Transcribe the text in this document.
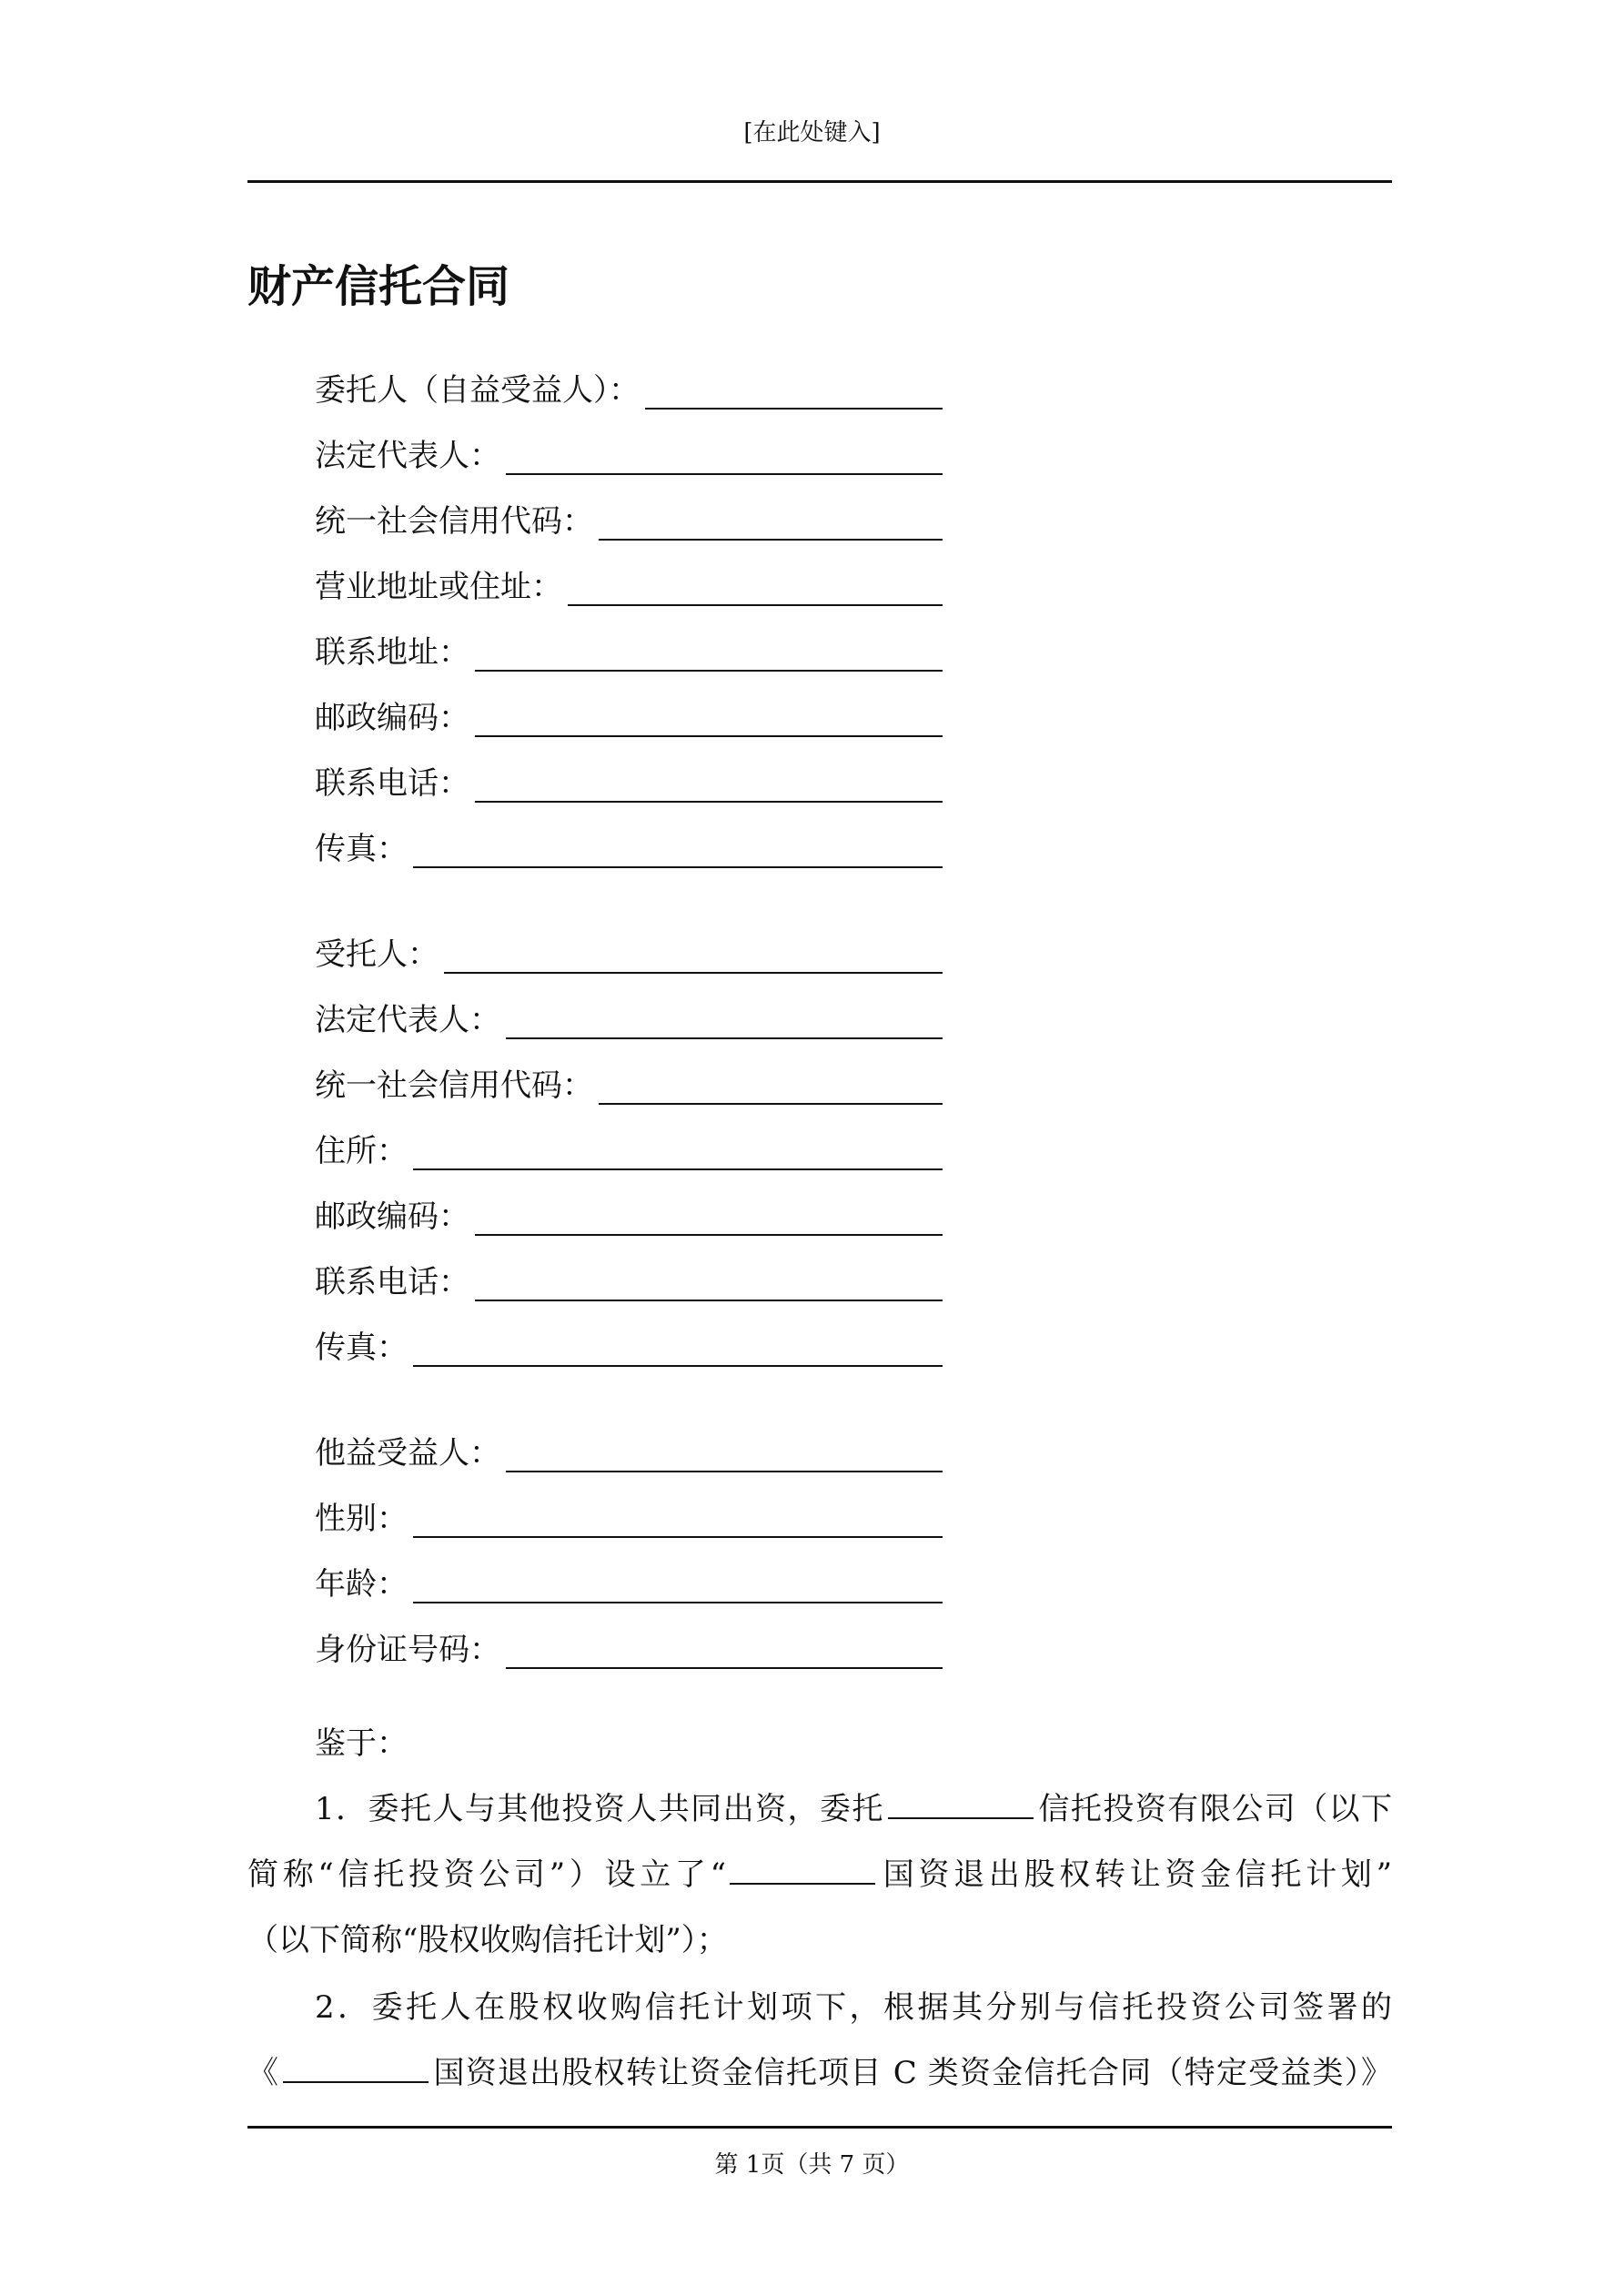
[在此处键入]
财产信托合同
委托人（自益受益人）：
法定代表人：
统一社会信用代码：
营业地址或住址：
联系地址：
邮政编码：
联系电话：
传真：
受托人：
法定代表人：
统一社会信用代码：
住所：
邮政编码：
联系电话：
传真：
他益受益人：
性别：
年龄：
身份证号码：
鉴于：
1．委托人与其他投资人共同出资，委托	信托投资有限公司（以下
简称“信托投资公司”）设立了“	国资退出股权转让资金信托计划”
（以下简称“股权收购信托计划”）；
2．委托人在股权收购信托计划项下，根据其分别与信托投资公司签署的
《	国资退出股权转让资金信托项目 C 类资金信托合同（特定受益类）》
第 1页（共 7 页）
